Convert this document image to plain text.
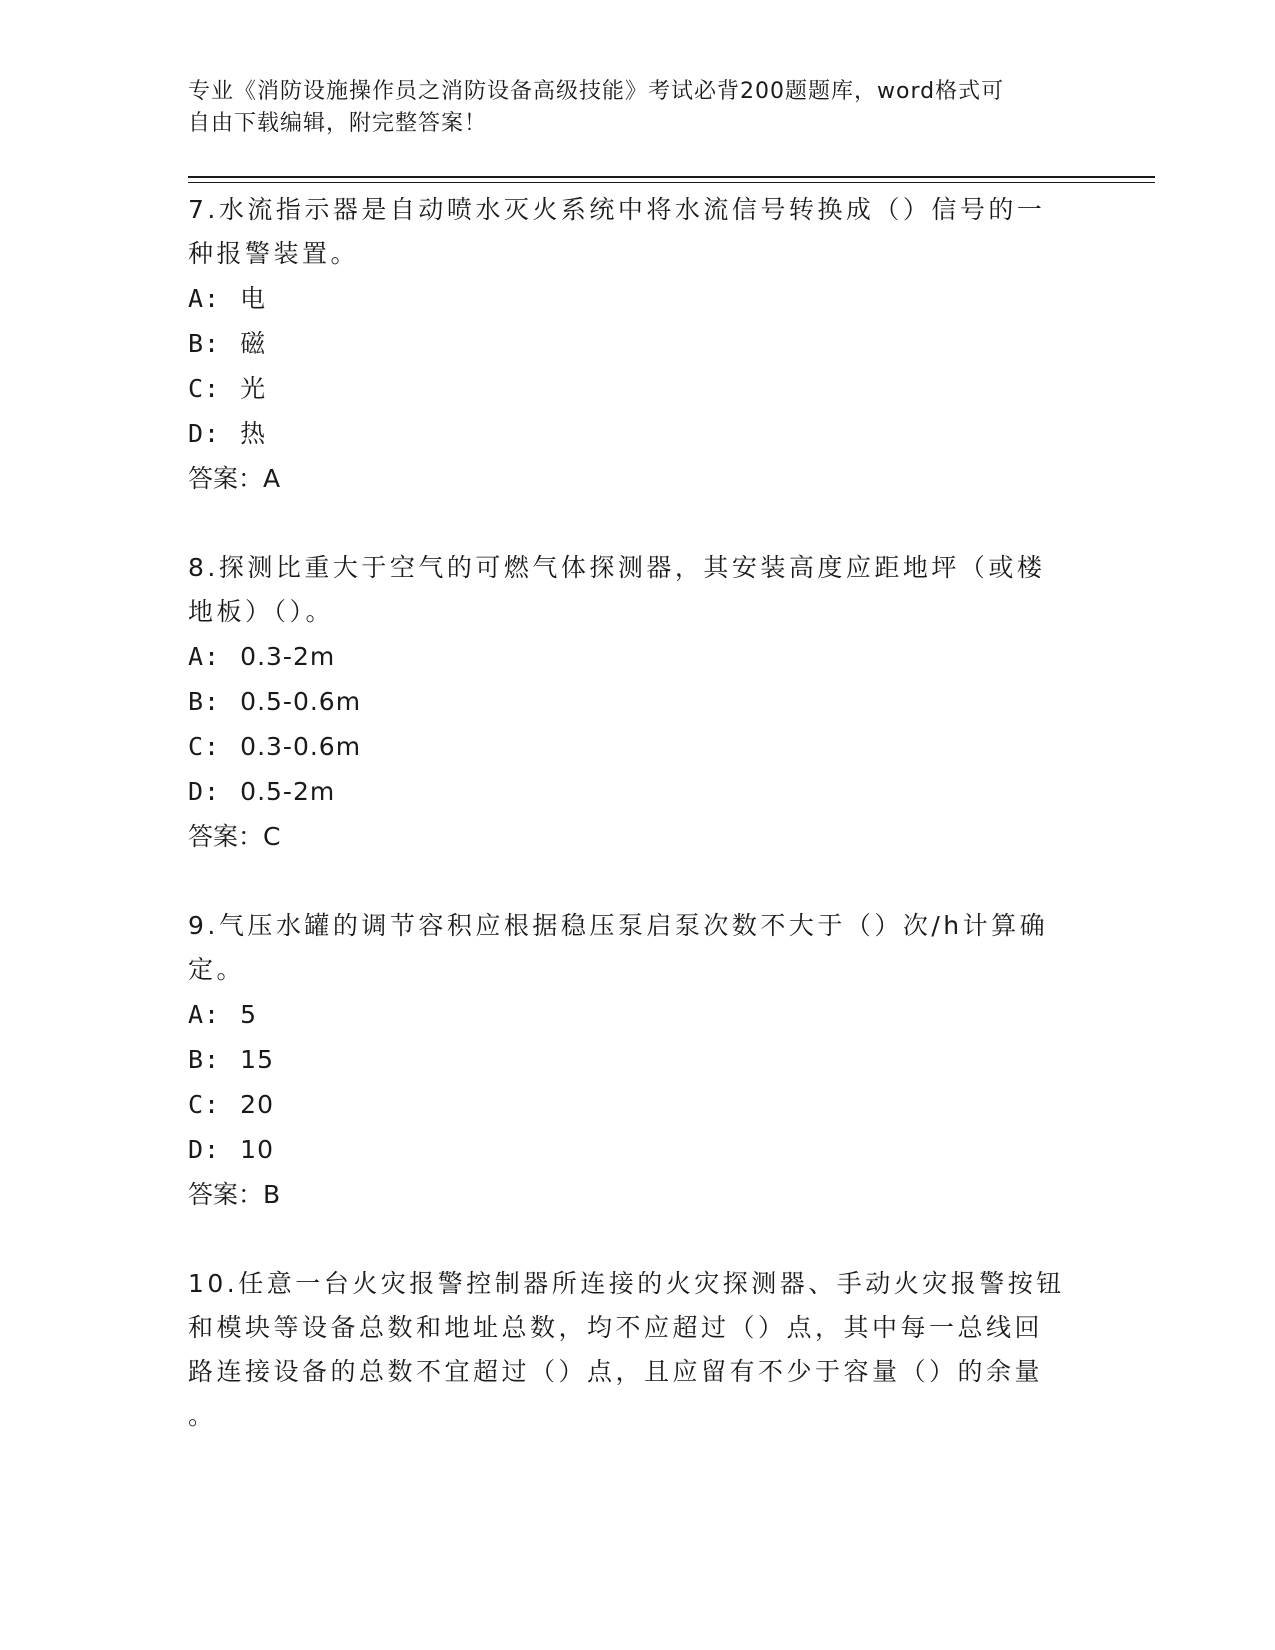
专业《消防设施操作员之消防设备高级技能》考试必背200题题库，word格式可
自由下载编辑，附完整答案！

7.水流指示器是自动喷水灭火系统中将水流信号转换成（）信号的一

种报警装置。

A: 电

B: 磁

C: 光

D: 热

答案：A

8.探测比重大于空气的可燃气体探测器，其安装高度应距地坪（或楼

地板）（）。

A: 0.3-2m

B: 0.5-0.6m

C: 0.3-0.6m

D: 0.5-2m

答案：C

9.气压水罐的调节容积应根据稳压泵启泵次数不大于（）次/h计算确

定。

A: 5

B: 15

C: 20

D: 10

答案：B

10.任意一台火灾报警控制器所连接的火灾探测器、手动火灾报警按钮

和模块等设备总数和地址总数，均不应超过（）点，其中每一总线回

路连接设备的总数不宜超过（）点，且应留有不少于容量（）的余量

。
